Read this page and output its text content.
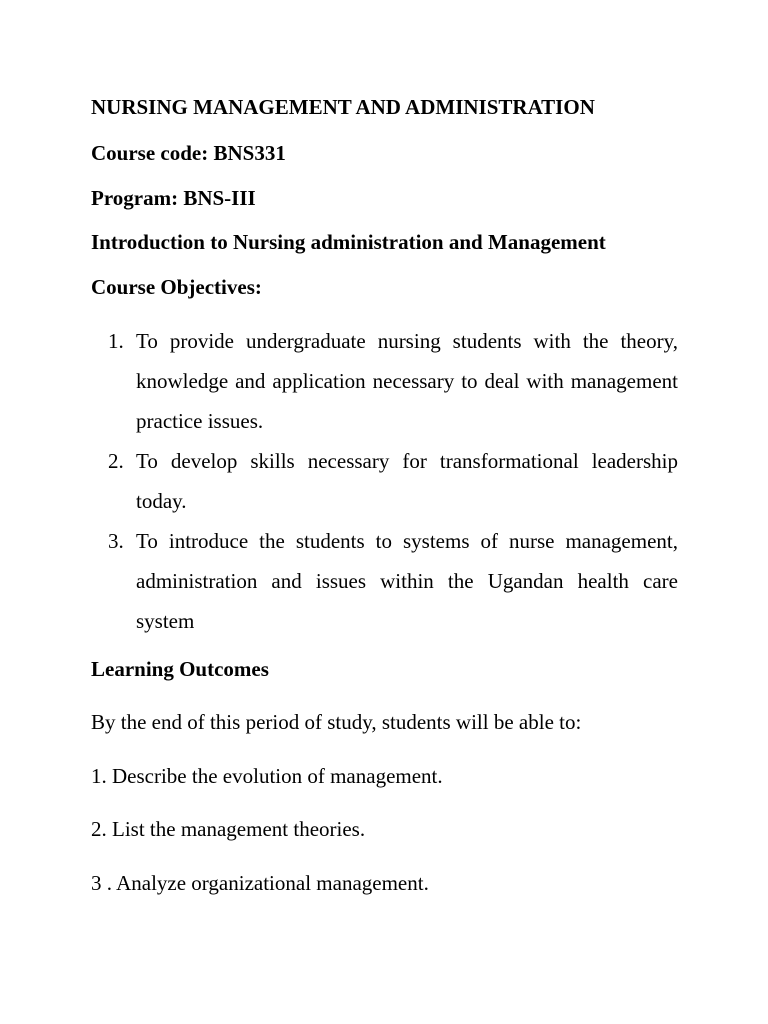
NURSING MANAGEMENT AND ADMINISTRATION
Course code: BNS331
Program: BNS-III
Introduction to Nursing administration and Management
Course Objectives:
1. To provide undergraduate nursing students with the theory, knowledge and application necessary to deal with management practice issues.
2. To develop skills necessary for transformational leadership today.
3. To introduce the students to systems of nurse management, administration and issues within the Ugandan health care system
Learning Outcomes
By the end of this period of study, students will be able to:
1. Describe the evolution of management.
2. List the management theories.
3 . Analyze organizational management.
